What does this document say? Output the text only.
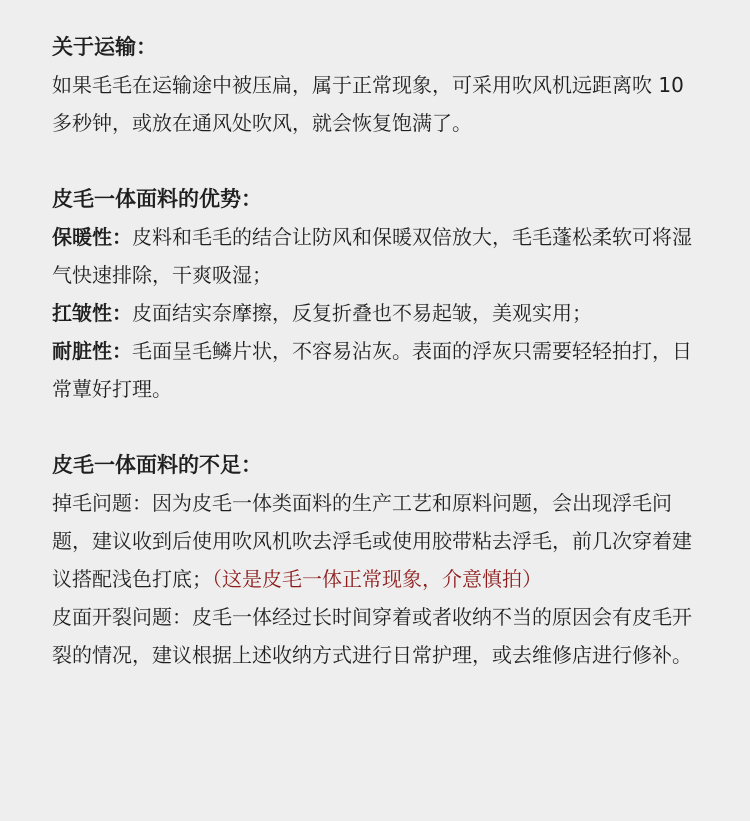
关于运输：

如果毛毛在运输途中被压扁，属于正常现象，可采用吹风机远距离吹 10 多秒钟，或放在通风处吹风，就会恢复饱满了。

皮毛一体面料的优势：

保暖性：皮料和毛毛的结合让防风和保暖双倍放大，毛毛蓬松柔软可将湿气快速排除，干爽吸湿；

扛皱性：皮面结实奈摩擦，反复折叠也不易起皱，美观实用；

耐脏性：毛面呈毛鳞片状，不容易沾灰。表面的浮灰只需要轻轻拍打，日常蕈好打理。

皮毛一体面料的不足：

掉毛问题：因为皮毛一体类面料的生产工艺和原料问题，会出现浮毛问题，建议收到后使用吹风机吹去浮毛或使用胶带粘去浮毛，前几次穿着建议搭配浅色打底；（这是皮毛一体正常现象，介意慎拍）

皮面开裂问题：皮毛一体经过长时间穿着或者收纳不当的原因会有皮毛开裂的情况，建议根据上述收纳方式进行日常护理，或去维修店进行修补。
